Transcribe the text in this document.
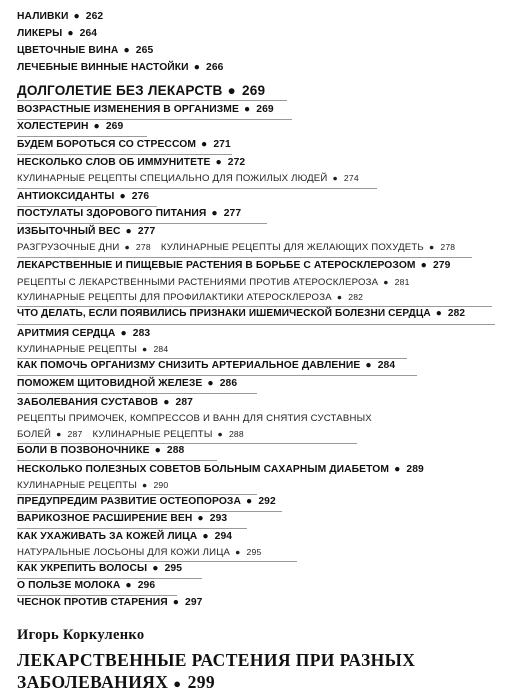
НАЛИВКИ ● 262
ЛИКЕРЫ ● 264
ЦВЕТОЧНЫЕ ВИНА ● 265
ЛЕЧЕБНЫЕ ВИННЫЕ НАСТОЙКИ ● 266
ДОЛГОЛЕТИЕ БЕЗ ЛЕКАРСТВ ● 269
ВОЗРАСТНЫЕ ИЗМЕНЕНИЯ В ОРГАНИЗМЕ ● 269
ХОЛЕСТЕРИН ● 269
БУДЕМ БОРОТЬСЯ СО СТРЕССОМ ● 271
НЕСКОЛЬКО СЛОВ ОБ ИММУНИТЕТЕ ● 272
КУЛИНАРНЫЕ РЕЦЕПТЫ СПЕЦИАЛЬНО ДЛЯ ПОЖИЛЫХ ЛЮДЕЙ ● 274
АНТИОКСИДАНТЫ ● 276
ПОСТУЛАТЫ ЗДОРОВОГО ПИТАНИЯ ● 277
ИЗБЫТОЧНЫЙ ВЕС ● 277
РАЗГРУЗОЧНЫЕ ДНИ ● 278 КУЛИНАРНЫЕ РЕЦЕПТЫ ДЛЯ ЖЕЛАЮЩИХ ПОХУДЕТЬ ● 278
ЛЕКАРСТВЕННЫЕ И ПИЩЕВЫЕ РАСТЕНИЯ В БОРЬБЕ С АТЕРОСКЛЕРОЗОМ ● 279
РЕЦЕПТЫ С ЛЕКАРСТВЕННЫМИ РАСТЕНИЯМИ ПРОТИВ АТЕРОСКЛЕРОЗА ● 281
КУЛИНАРНЫЕ РЕЦЕПТЫ ДЛЯ ПРОФИЛАКТИКИ АТЕРОСКЛЕРОЗА ● 282
ЧТО ДЕЛАТЬ, ЕСЛИ ПОЯВИЛИСЬ ПРИЗНАКИ ИШЕМИЧЕСКОЙ БОЛЕЗНИ СЕРДЦА ● 282
АРИТМИЯ СЕРДЦА ● 283
КУЛИНАРНЫЕ РЕЦЕПТЫ ● 284
КАК ПОМОЧЬ ОРГАНИЗМУ СНИЗИТЬ АРТЕРИАЛЬНОЕ ДАВЛЕНИЕ ● 284
ПОМОЖЕМ ЩИТОВИДНОЙ ЖЕЛЕЗЕ ● 286
ЗАБОЛЕВАНИЯ СУСТАВОВ ● 287
РЕЦЕПТЫ ПРИМОЧЕК, КОМПРЕССОВ И ВАНН ДЛЯ СНЯТИЯ СУСТАВНЫХ
БОЛЕЙ ● 287 КУЛИНАРНЫЕ РЕЦЕПТЫ ● 288
БОЛИ В ПОЗВОНОЧНИКЕ ● 288
НЕСКОЛЬКО ПОЛЕЗНЫХ СОВЕТОВ БОЛЬНЫМ САХАРНЫМ ДИАБЕТОМ ● 289
КУЛИНАРНЫЕ РЕЦЕПТЫ ● 290
ПРЕДУПРЕДИМ РАЗВИТИЕ ОСТЕОПОРОЗА ● 292
ВАРИКОЗНОЕ РАСШИРЕНИЕ ВЕН ● 293
КАК УХАЖИВАТЬ ЗА КОЖЕЙ ЛИЦА ● 294
НАТУРАЛЬНЫЕ ЛОСЬОНЫ ДЛЯ КОЖИ ЛИЦА ● 295
КАК УКРЕПИТЬ ВОЛОСЫ ● 295
О ПОЛЬЗЕ МОЛОКА ● 296
ЧЕСНОК ПРОТИВ СТАРЕНИЯ ● 297
Игорь Коркуленко
ЛЕКАРСТВЕННЫЕ РАСТЕНИЯ ПРИ РАЗНЫХ
ЗАБОЛЕВАНИЯХ ● 299
